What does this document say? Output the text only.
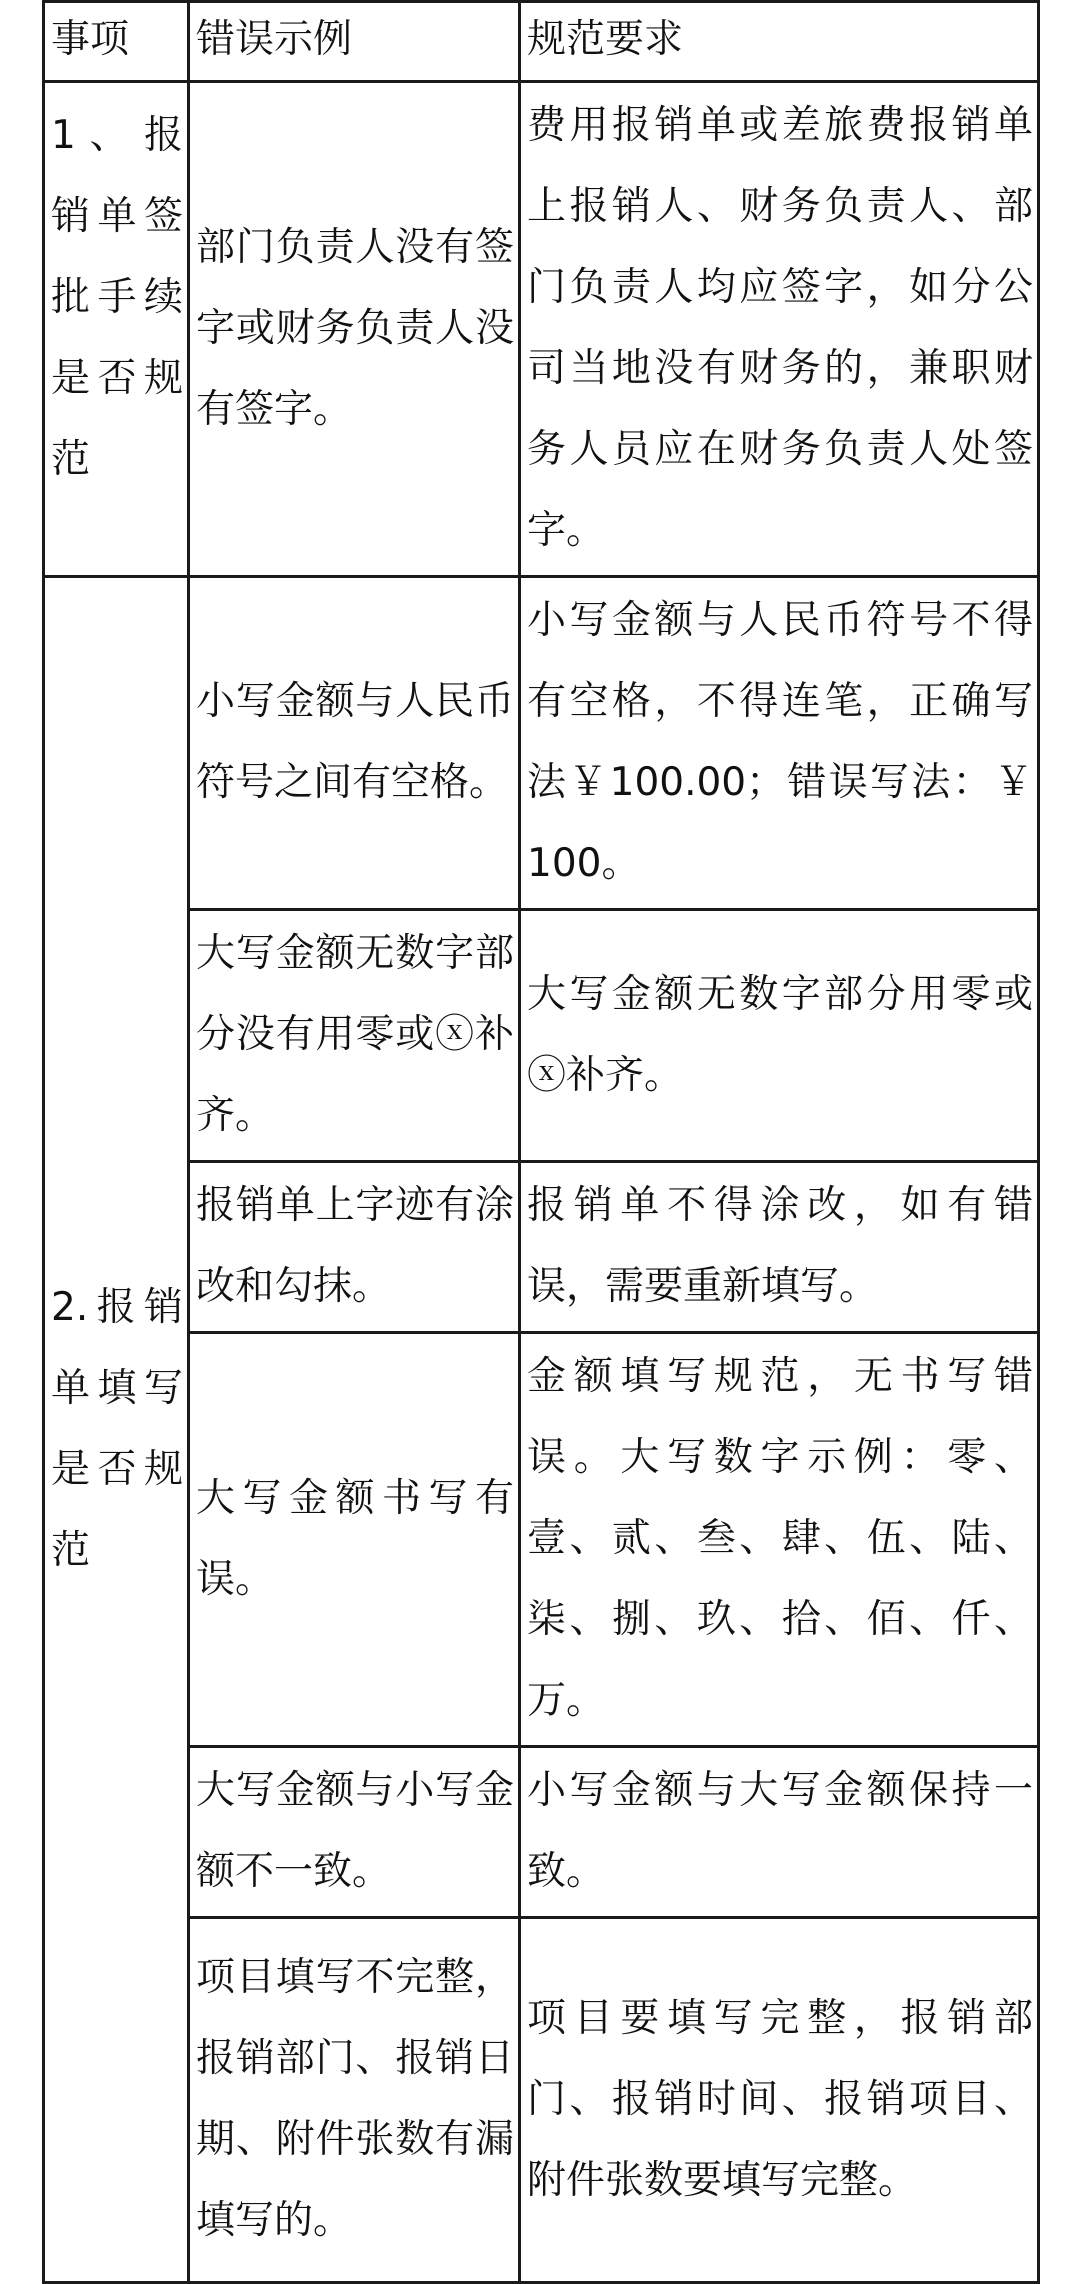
事项	错误示例	规范要求
1 、 报销单签批手续是否规范	部门负责人没有签字或财务负责人没有签字。	费用报销单或差旅费报销单上报销人、财务负责人、部门负责人均应签字，如分公司当地没有财务的，兼职财务人员应在财务负责人处签字。
2.报销单填写是否规范	小写金额与人民币符号之间有空格。	小写金额与人民币符号不得有空格，不得连笔，正确写法￥100.00；错误写法：￥　100。
	大写金额无数字部分没有用零或ⓧ补齐。	大写金额无数字部分用零或ⓧ补齐。
	报销单上字迹有涂改和勾抹。	报销单不得涂改，如有错误，需要重新填写。
	大写金额书写有误。	金额填写规范，无书写错误。大写数字示例：零、壹、贰、叁、肆、伍、陆、柒、捌、玖、拾、佰、仟、万。
	大写金额与小写金额不一致。	小写金额与大写金额保持一致。
	项目填写不完整，报销部门、报销日期、附件张数有漏填写的。	项目要填写完整，报销部门、报销时间、报销项目、附件张数要填写完整。
